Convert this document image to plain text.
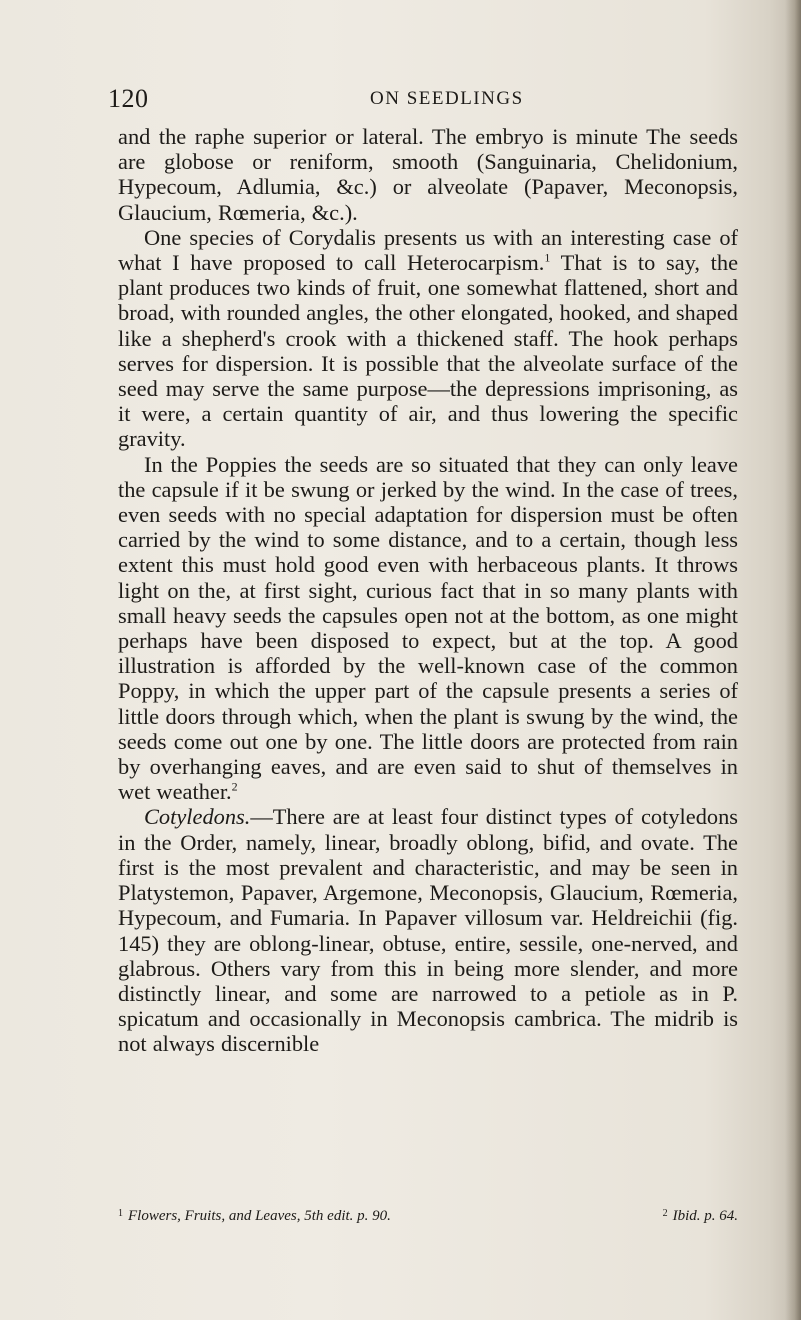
120	ON SEEDLINGS

and the raphe superior or lateral. The embryo is minute The seeds are globose or reniform, smooth (Sanguinaria, Chelidonium, Hypecoum, Adlumia, &c.) or alveolate (Papaver, Meconopsis, Glaucium, Rœmeria, &c.).

One species of Corydalis presents us with an interesting case of what I have proposed to call Heterocarpism.$^1$ That is to say, the plant produces two kinds of fruit, one somewhat flattened, short and broad, with rounded angles, the other elongated, hooked, and shaped like a shepherd's crook with a thickened staff. The hook perhaps serves for dispersion. It is possible that the alveolate surface of the seed may serve the same purpose—the depressions imprisoning, as it were, a certain quantity of air, and thus lowering the specific gravity.

In the Poppies the seeds are so situated that they can only leave the capsule if it be swung or jerked by the wind. In the case of trees, even seeds with no special adaptation for dispersion must be often carried by the wind to some distance, and to a certain, though less extent this must hold good even with herbaceous plants. It throws light on the, at first sight, curious fact that in so many plants with small heavy seeds the capsules open not at the bottom, as one might perhaps have been disposed to expect, but at the top. A good illustration is afforded by the well-known case of the common Poppy, in which the upper part of the capsule presents a series of little doors through which, when the plant is swung by the wind, the seeds come out one by one. The little doors are protected from rain by overhanging eaves, and are even said to shut of themselves in wet weather.$^2$

Cotyledons.—There are at least four distinct types of cotyledons in the Order, namely, linear, broadly oblong, bifid, and ovate. The first is the most prevalent and characteristic, and may be seen in Platystemon, Papaver, Argemone, Meconopsis, Glaucium, Rœmeria, Hypecoum, and Fumaria. In Papaver villosum var. Heldreichii (fig. 145) they are oblong-linear, obtuse, entire, sessile, one-nerved, and glabrous. Others vary from this in being more slender, and more distinctly linear, and some are narrowed to a petiole as in P. spicatum and occasionally in Meconopsis cambrica. The midrib is not always discernible

$^1$ Flowers, Fruits, and Leaves, 5th edit. p. 90.	$^2$ Ibid. p. 64.
